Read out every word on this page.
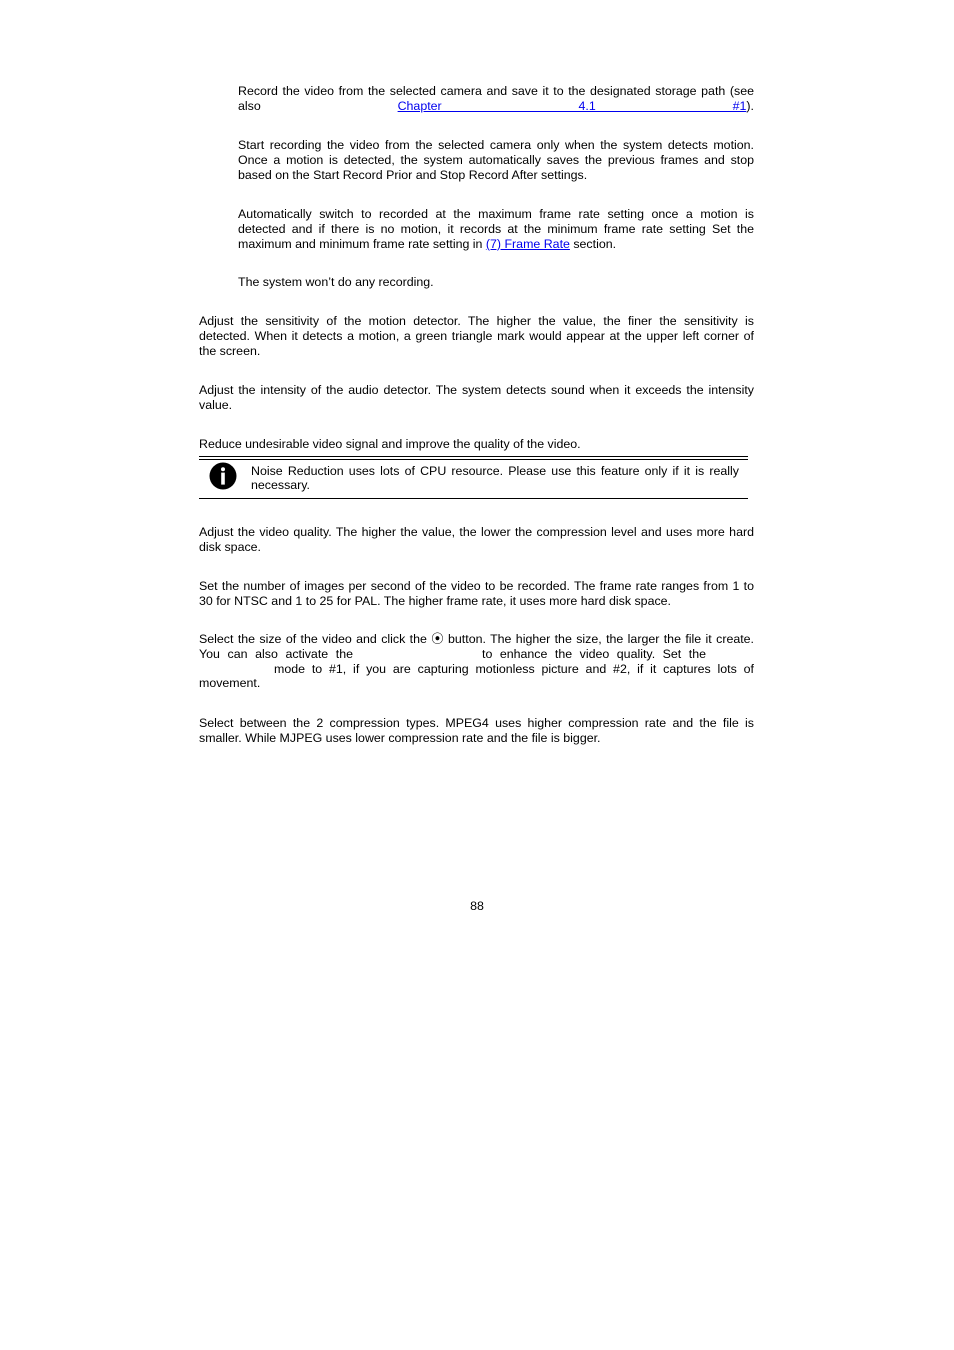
Record the video from the selected camera and save it to the designated storage path (see also Chapter 4.1 #1).
Start recording the video from the selected camera only when the system detects motion.
Once a motion is detected, the system automatically saves the previous frames and stop
based on the Start Record Prior and Stop Record After settings.
Automatically switch to recorded at the maximum frame rate setting once a motion is
detected and if there is no motion, it records at the minimum frame rate setting Set the
maximum and minimum frame rate setting in (7) Frame Rate section.
The system won’t do any recording.
Adjust the sensitivity of the motion detector. The higher the value, the finer the sensitivity is
detected. When it detects a motion, a green triangle mark would appear at the upper left corner of
the screen.
Adjust the intensity of the audio detector. The system detects sound when it exceeds the intensity
value.
Reduce undesirable video signal and improve the quality of the video.
Noise Reduction uses lots of CPU resource. Please use this feature only if it is really
necessary.
Adjust the video quality. The higher the value, the lower the compression level and uses more hard
disk space.
Set the number of images per second of the video to be recorded. The frame rate ranges from 1 to
30 for NTSC and 1 to 25 for PAL. The higher frame rate, it uses more hard disk space.
Select the size of the video and click the ⦿ button. The higher the size, the larger the file it create.
You can also activate the	to enhance the video quality. Set the
mode to #1, if you are capturing motionless picture and #2, if it captures lots of
movement.
Select between the 2 compression types. MPEG4 uses higher compression rate and the file is
smaller. While MJPEG uses lower compression rate and the file is bigger.
88
